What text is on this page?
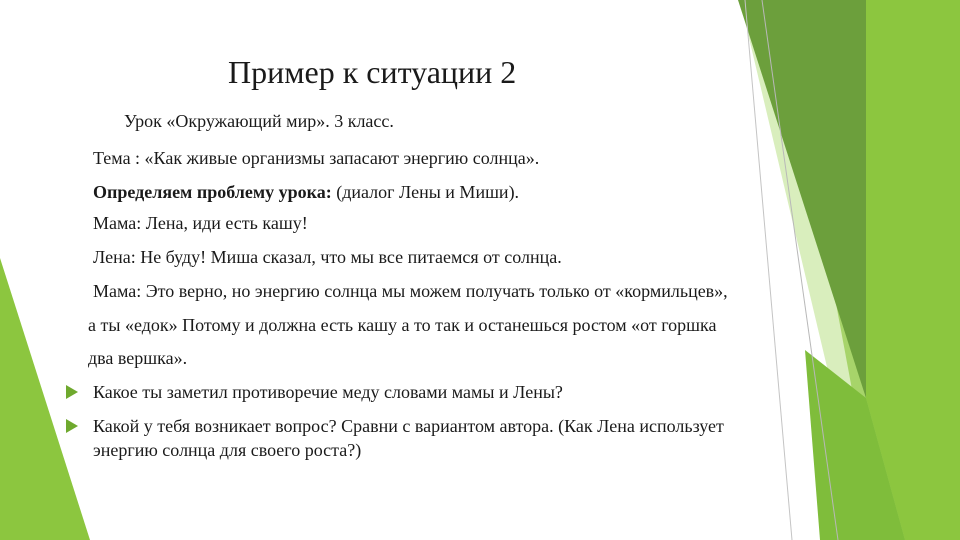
Пример к ситуации 2

Урок «Окружающий мир». 3 класс.

Тема : «Как живые организмы запасают энергию солнца».

Определяем проблему урока: (диалог Лены и Миши).

Мама: Лена, иди есть кашу!

Лена: Не буду! Миша сказал, что мы все питаемся от солнца.

Мама: Это верно, но энергию солнца мы можем получать только от «кормильцев»,

а ты «едок» Потому и должна есть кашу а то так и останешься ростом «от горшка

два вершка».

Какое ты заметил противоречие меду словами мамы и Лены?

Какой у тебя возникает вопрос? Сравни с вариантом автора. (Как Лена использует

энергию солнца для своего роста?)
